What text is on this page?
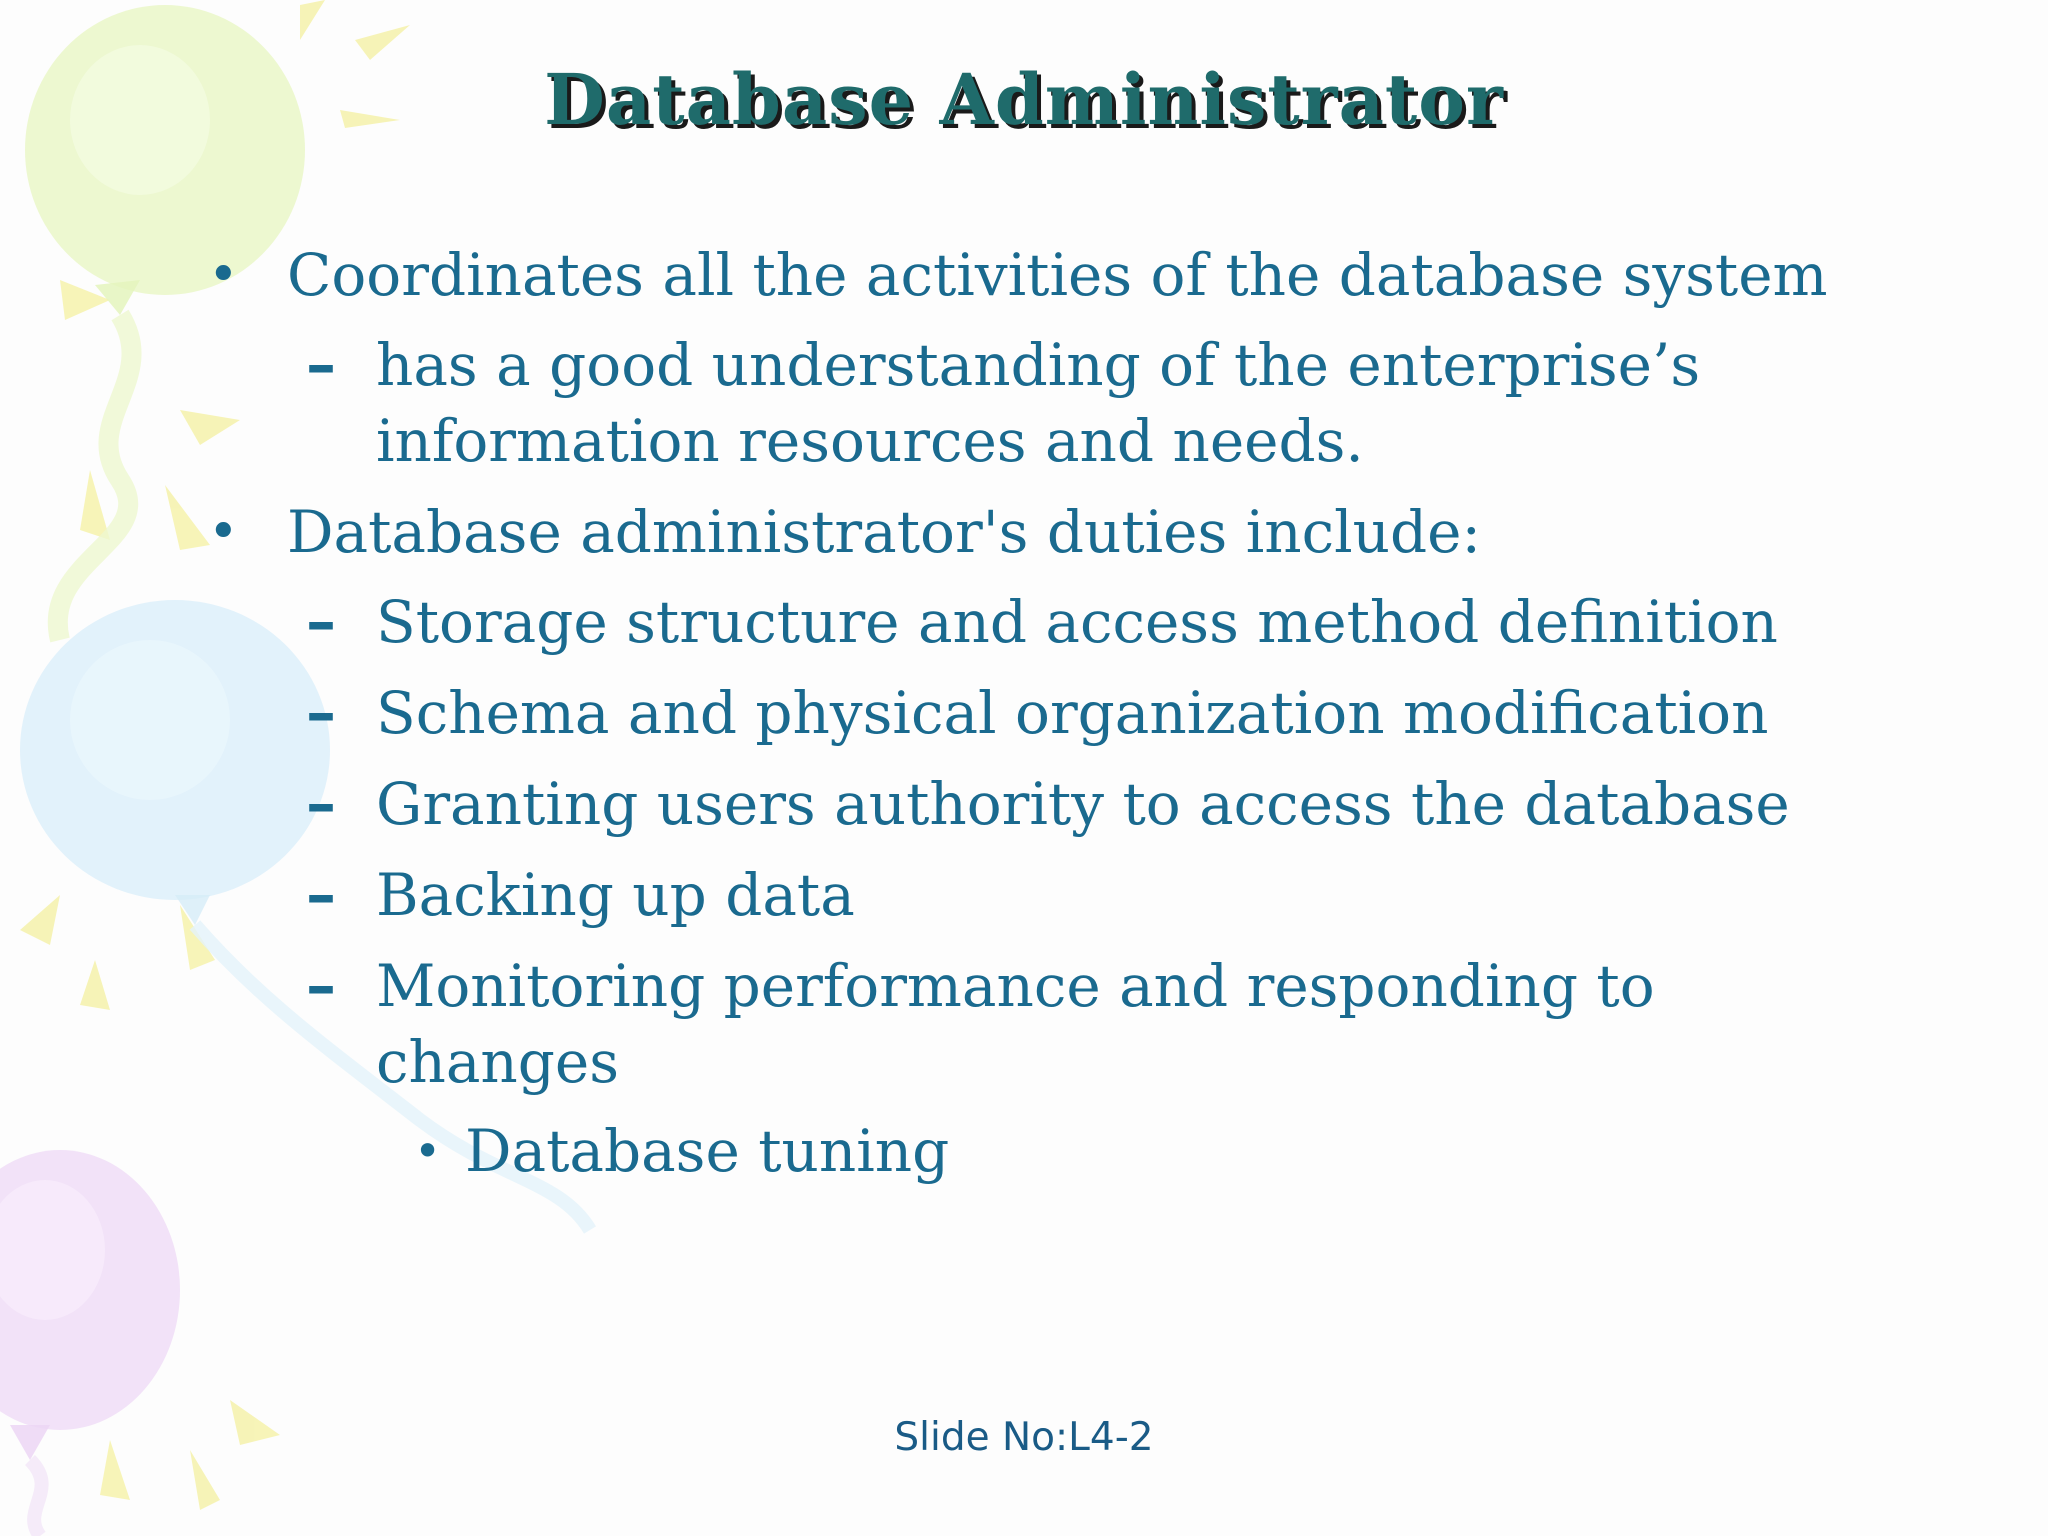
Database Administrator
• Coordinates all the activities of the database system
– has a good understanding of the enterprise’s
information resources and needs.
• Database administrator's duties include:
– Storage structure and access method definition
– Schema and physical organization modification
– Granting users authority to access the database
– Backing up data
– Monitoring performance and responding to
changes
• Database tuning
Slide No:L4-2
